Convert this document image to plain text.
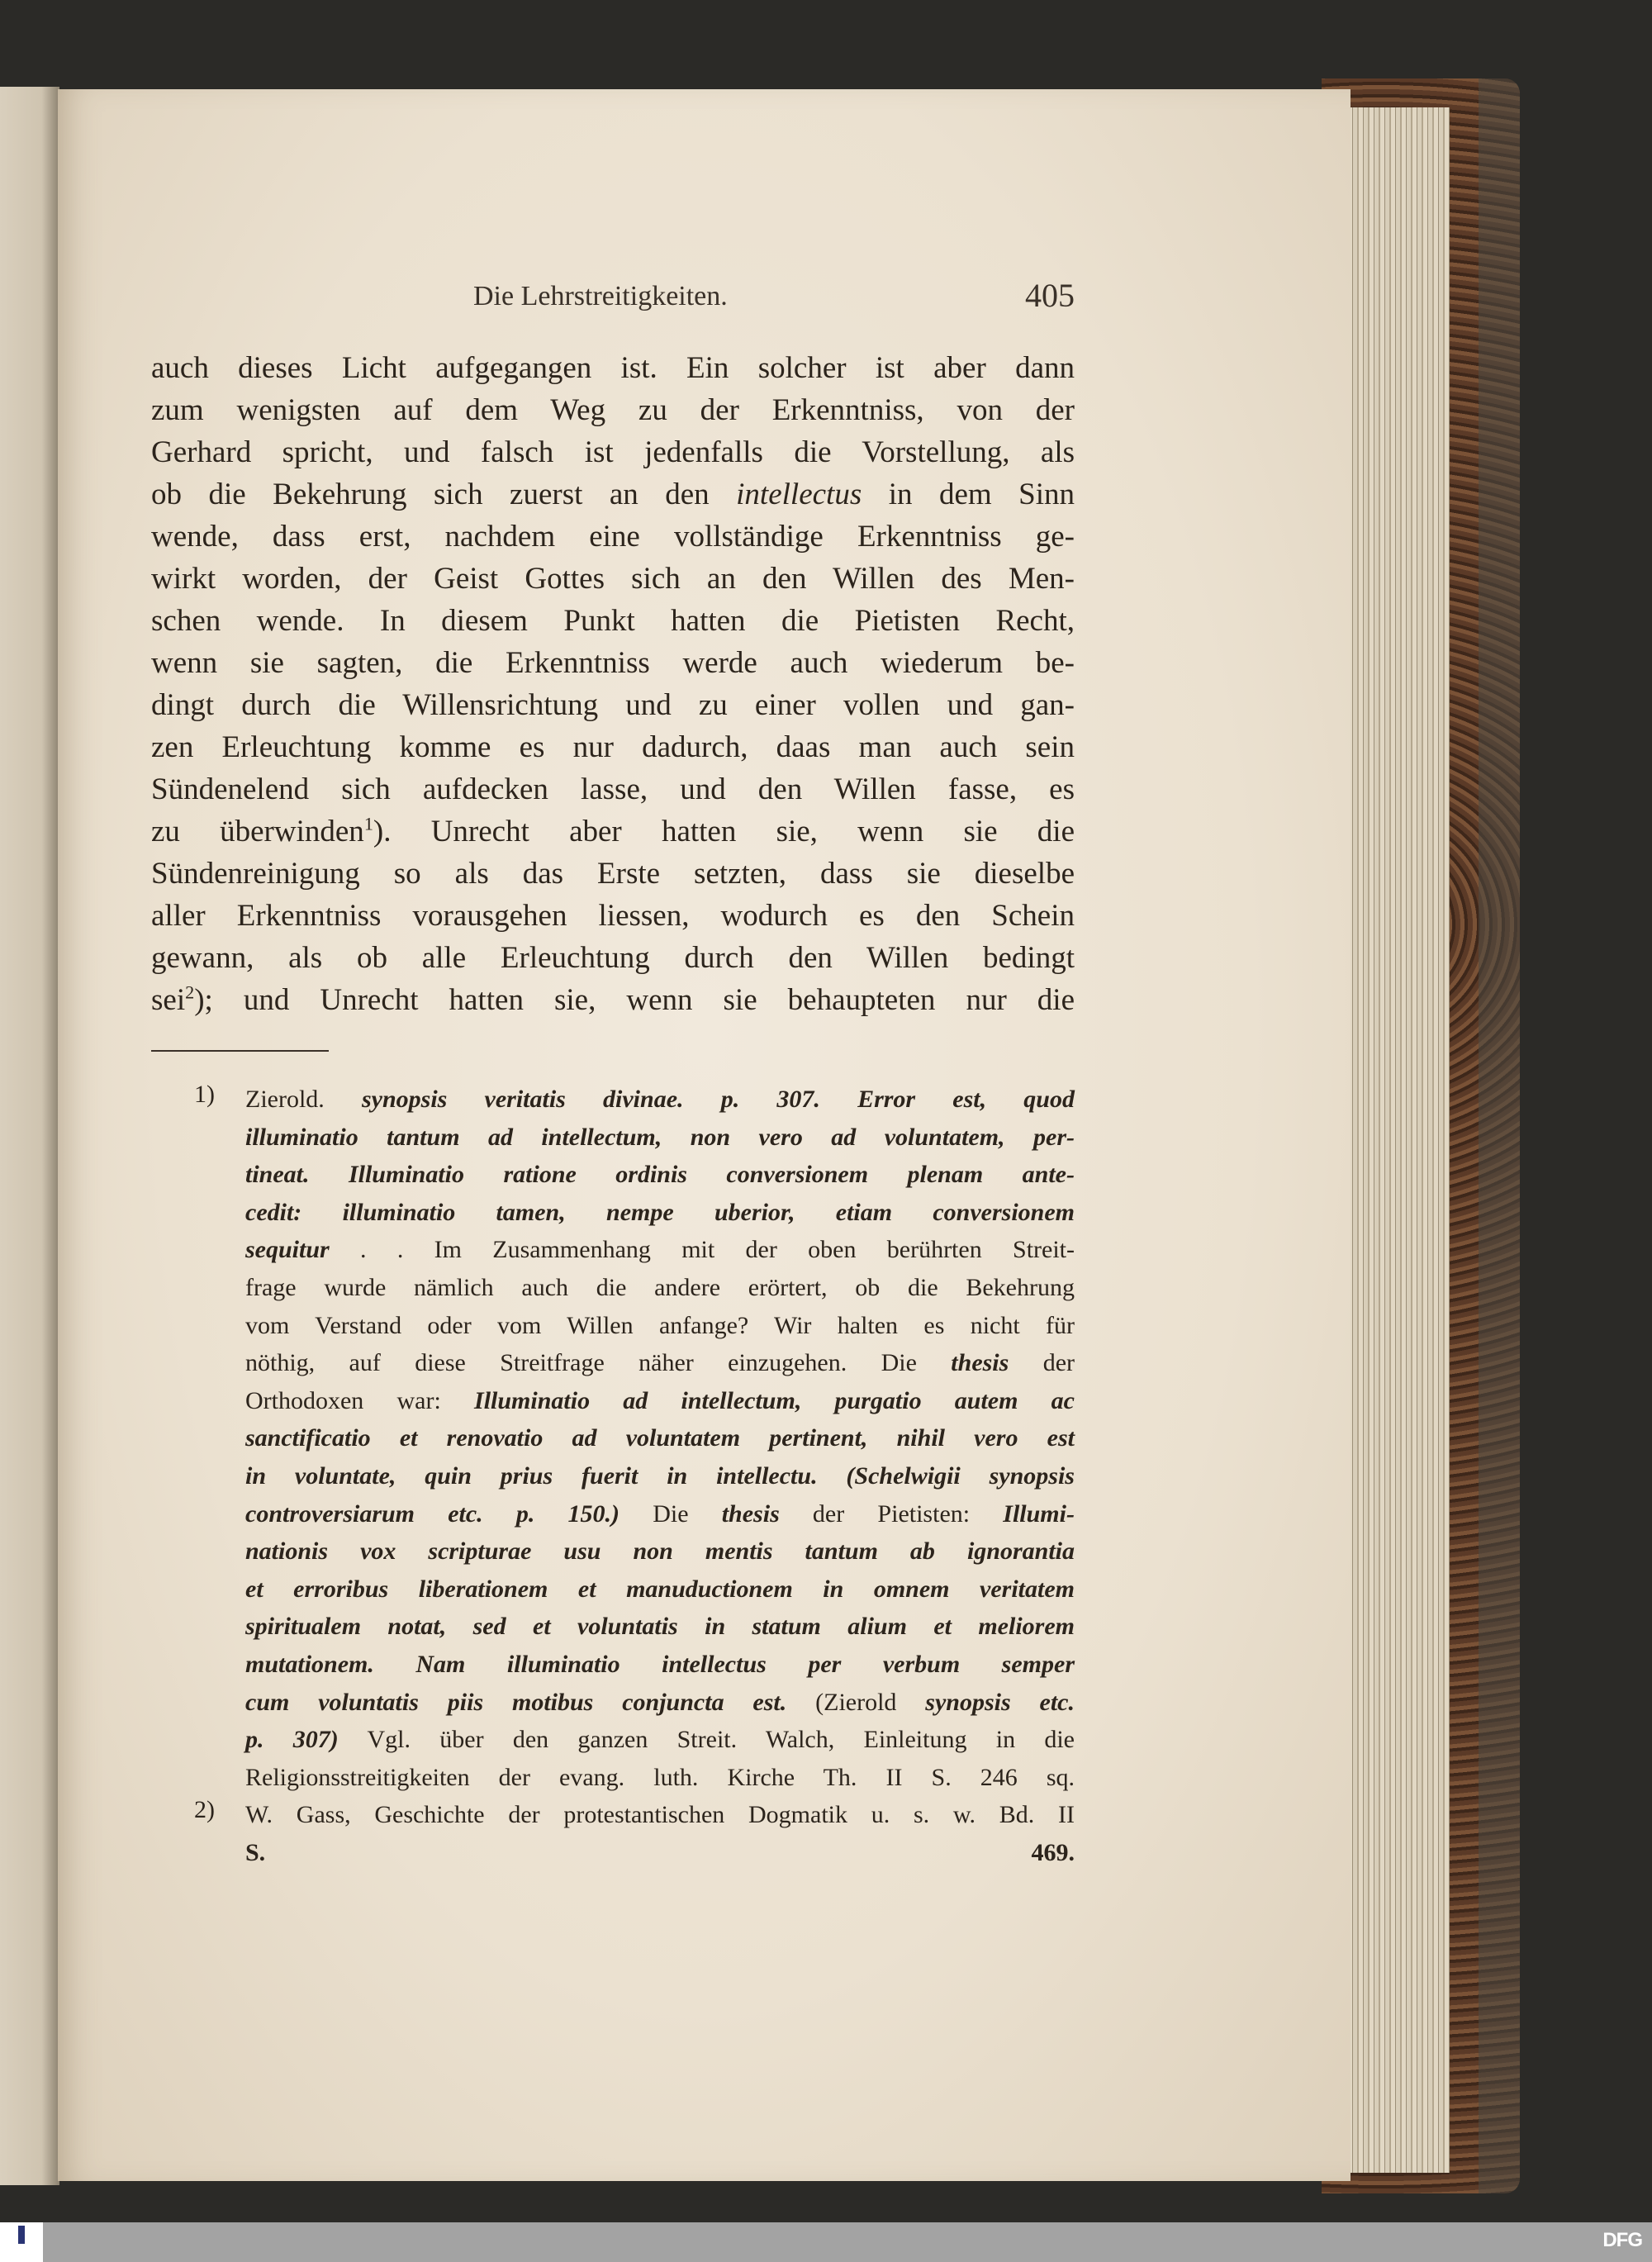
Die Lehrstreitigkeiten.	405
auch dieses Licht aufgegangen ist. Ein solcher ist aber dann
zum wenigsten auf dem Weg zu der Erkenntniss, von der
Gerhard spricht, und falsch ist jedenfalls die Vorstellung, als
ob die Bekehrung sich zuerst an den intellectus in dem Sinn
wende, dass erst, nachdem eine vollständige Erkenntniss ge-
wirkt worden, der Geist Gottes sich an den Willen des Men-
schen wende. In diesem Punkt hatten die Pietisten Recht,
wenn sie sagten, die Erkenntniss werde auch wiederum be-
dingt durch die Willensrichtung und zu einer vollen und gan-
zen Erleuchtung komme es nur dadurch, daas man auch sein
Sündenelend sich aufdecken lasse, und den Willen fasse, es
zu überwinden$^1$). Unrecht aber hatten sie, wenn sie die
Sündenreinigung so als das Erste setzten, dass sie dieselbe
aller Erkenntniss vorausgehen liessen, wodurch es den Schein
gewann, als ob alle Erleuchtung durch den Willen bedingt
sei$^2$); und Unrecht hatten sie, wenn sie behaupteten nur die
1) Zierold. synopsis veritatis divinae. p. 307. Error est, quod
illuminatio tantum ad intellectum, non vero ad voluntatem, per-
tineat. Illuminatio ratione ordinis conversionem plenam ante-
cedit: illuminatio tamen, nempe uberior, etiam conversionem
sequitur . . Im Zusammenhang mit der oben berührten Streit-
frage wurde nämlich auch die andere erörtert, ob die Bekehrung
vom Verstand oder vom Willen anfange? Wir halten es nicht für
nöthig, auf diese Streitfrage näher einzugehen. Die thesis der
Orthodoxen war: Illuminatio ad intellectum, purgatio autem ac
sanctificatio et renovatio ad voluntatem pertinent, nihil vero est
in voluntate, quin prius fuerit in intellectu. (Schelwigii synopsis
controversiarum etc. p. 150.) Die thesis der Pietisten: Illumi-
nationis vox scripturae usu non mentis tantum ab ignorantia
et erroribus liberationem et manuductionem in omnem veritatem
spiritualem notat, sed et voluntatis in statum alium et meliorem
mutationem. Nam illuminatio intellectus per verbum semper
cum voluntatis piis motibus conjuncta est. (Zierold synopsis etc.
p. 307) Vgl. über den ganzen Streit. Walch, Einleitung in die
Religionsstreitigkeiten der evang. luth. Kirche Th. II S. 246 sq.
2) W. Gass, Geschichte der protestantischen Dogmatik u. s. w. Bd. II
S. 469.
DFG
